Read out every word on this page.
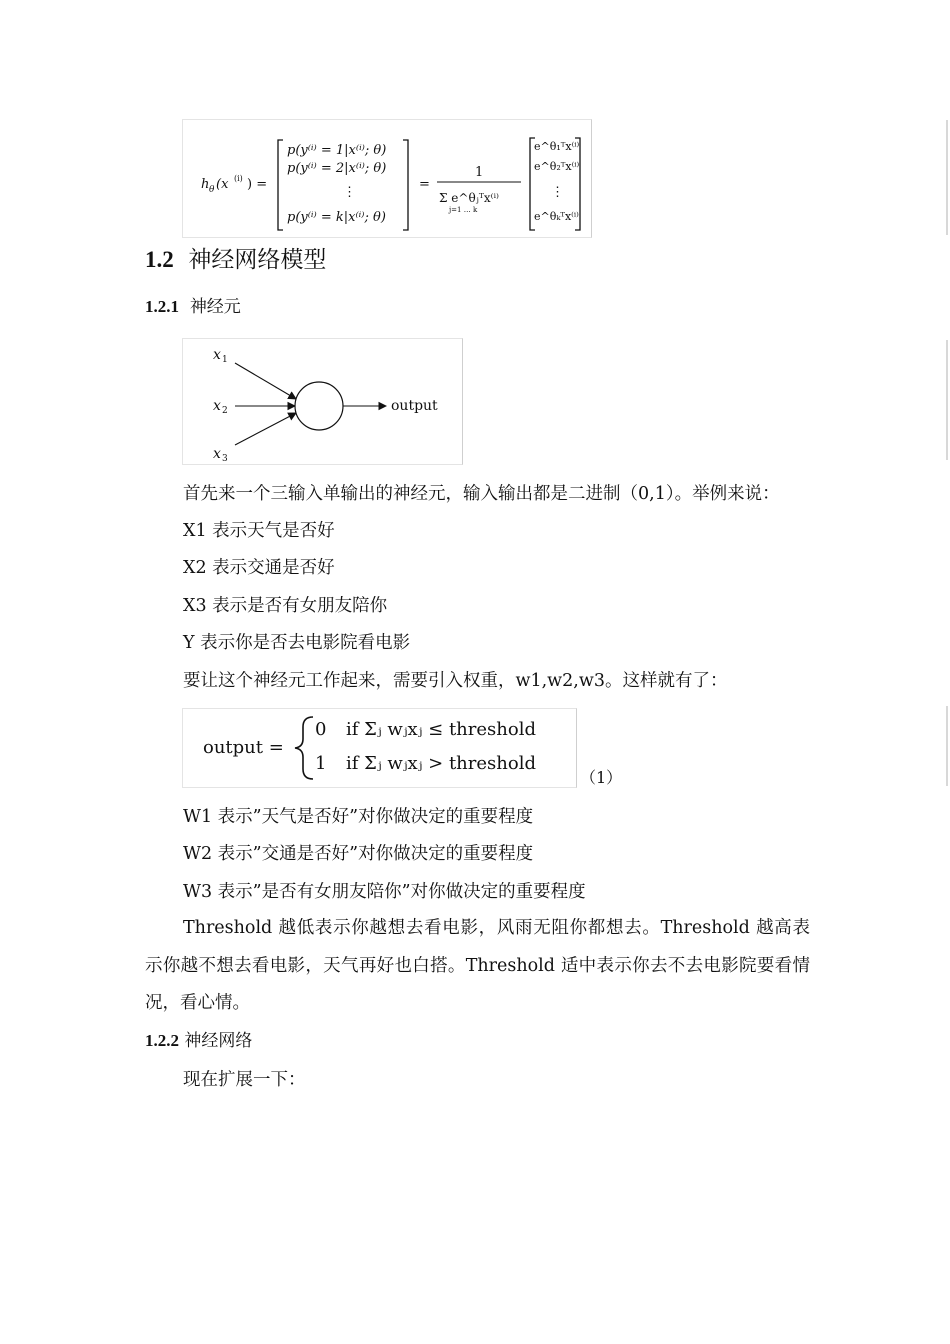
h θ (x (i) ) =
p(y⁽ⁱ⁾ = 1|x⁽ⁱ⁾; θ)
p(y⁽ⁱ⁾ = 2|x⁽ⁱ⁾; θ)
⋮
p(y⁽ⁱ⁾ = k|x⁽ⁱ⁾; θ)
=
1
Σ e^θⱼᵀx⁽ⁱ⁾
j=1 … k
e^θ₁ᵀx⁽ⁱ⁾
e^θ₂ᵀx⁽ⁱ⁾
⋮
e^θₖᵀx⁽ⁱ⁾
1.2 神经网络模型
1.2.1 神经元
x 1
x 2
x 3
output
首先来一个三输入单输出的神经元，输入输出都是二进制（0,1）。举例来说：
X1 表示天气是否好
X2 表示交通是否好
X3 表示是否有女朋友陪你
Y 表示你是否去电影院看电影
要让这个神经元工作起来，需要引入权重，w1,w2,w3。这样就有了：
output =
0 if Σⱼ wⱼxⱼ ≤ threshold
1 if Σⱼ wⱼxⱼ > threshold
（1）
W1 表示”天气是否好”对你做决定的重要程度
W2 表示”交通是否好”对你做决定的重要程度
W3 表示”是否有女朋友陪你”对你做决定的重要程度
Threshold 越低表示你越想去看电影，风雨无阻你都想去。Threshold 越高表示你越不想去看电影，天气再好也白搭。Threshold 适中表示你去不去电影院要看情况，看心情。
1.2.2 神经网络
现在扩展一下：
